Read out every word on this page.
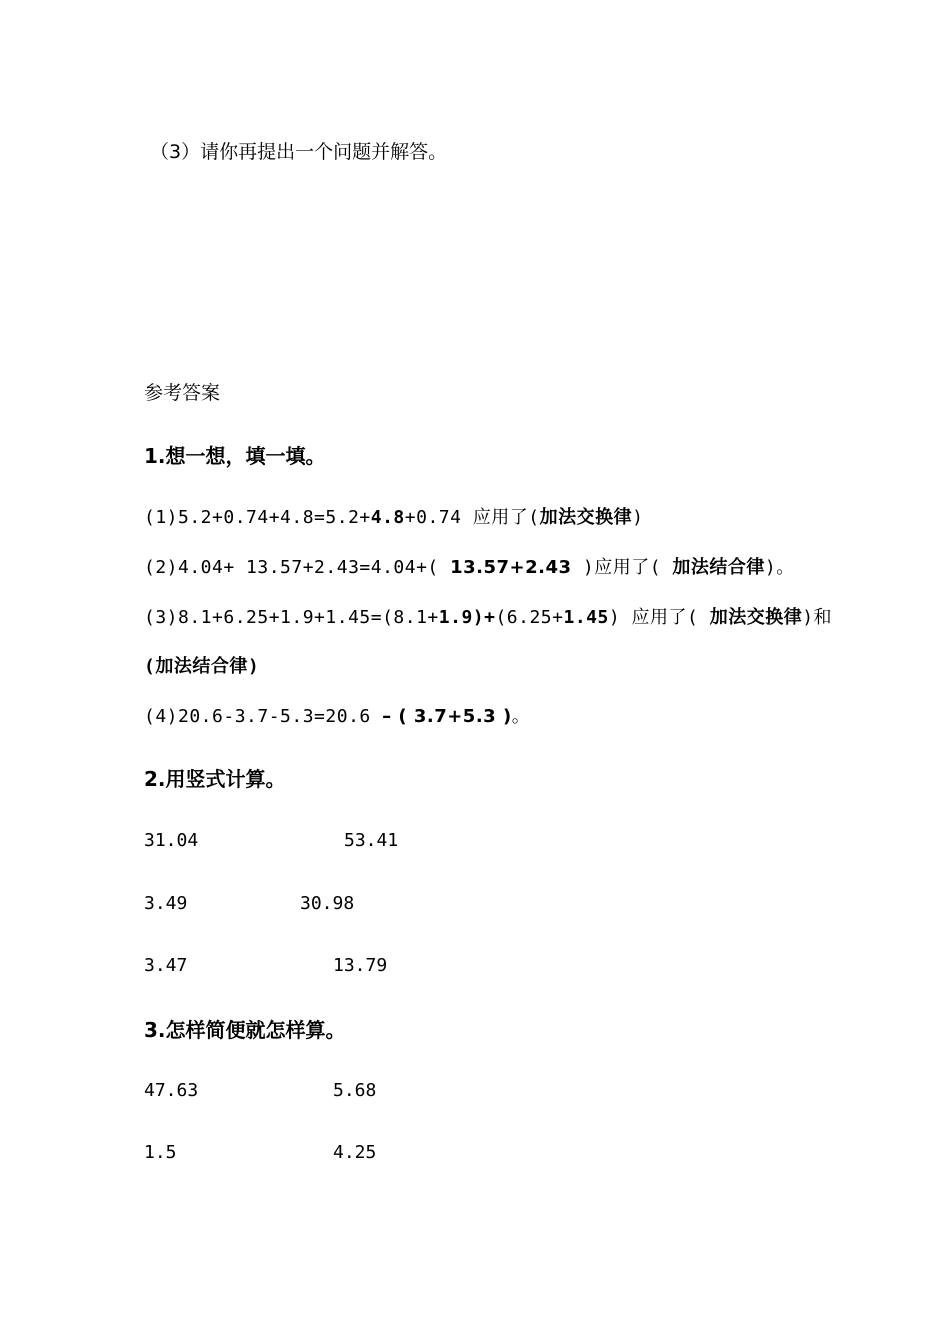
（3）请你再提出一个问题并解答。
参考答案
1.想一想，填一填。
(1)5.2+0.74+4.8=5.2+4.8+0.74 应用了(加法交换律)
(2)4.04+ 13.57+2.43=4.04+( 13.57+2.43 )应用了( 加法结合律)。
(3)8.1+6.25+1.9+1.45=(8.1+1.9)+(6.25+1.45) 应用了( 加法交换律)和
(加法结合律)
(4)20.6-3.7-5.3=20.6 – ( 3.7+5.3 )。
2.用竖式计算。
31.04	53.41
3.49	30.98
3.47	13.79
3.怎样简便就怎样算。
47.63	5.68
1.5	4.25
